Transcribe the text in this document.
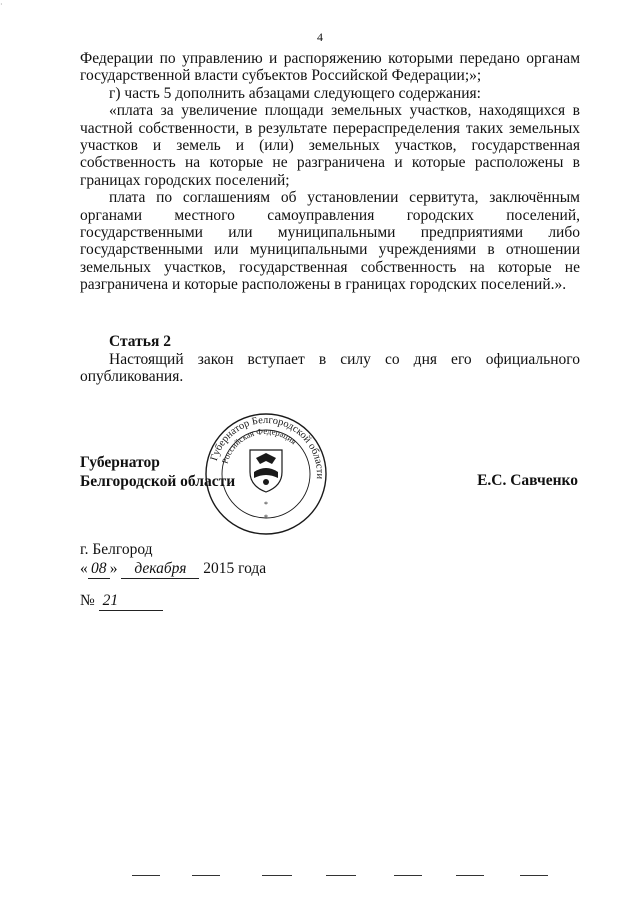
·
4

Федерации по управлению и распоряжению которыми передано органам государственной власти субъектов Российской Федерации;»;

г) часть 5 дополнить абзацами следующего содержания:

«плата за увеличение площади земельных участков, находящихся в частной собственности, в результате перераспределения таких земельных участков и земель и (или) земельных участков, государственная собственность на которые не разграничена и которые расположены в границах городских поселений;

плата по соглашениям об установлении сервитута, заключённым органами местного самоуправления городских поселений, государственными или муниципальными предприятиями либо государственными или муниципальными учреждениями в отношении земельных участков, государственная собственность на которые не разграничена и которые расположены в границах городских поселений.».

Статья 2

Настоящий закон вступает в силу со дня его официального опубликования.

Губернатор
Белгородской области	Е.С. Савченко
Губернатор Белгородской области
Российская Федерация
*
*
г. Белгород
« 08 » декабря 2015 года
№ 21
